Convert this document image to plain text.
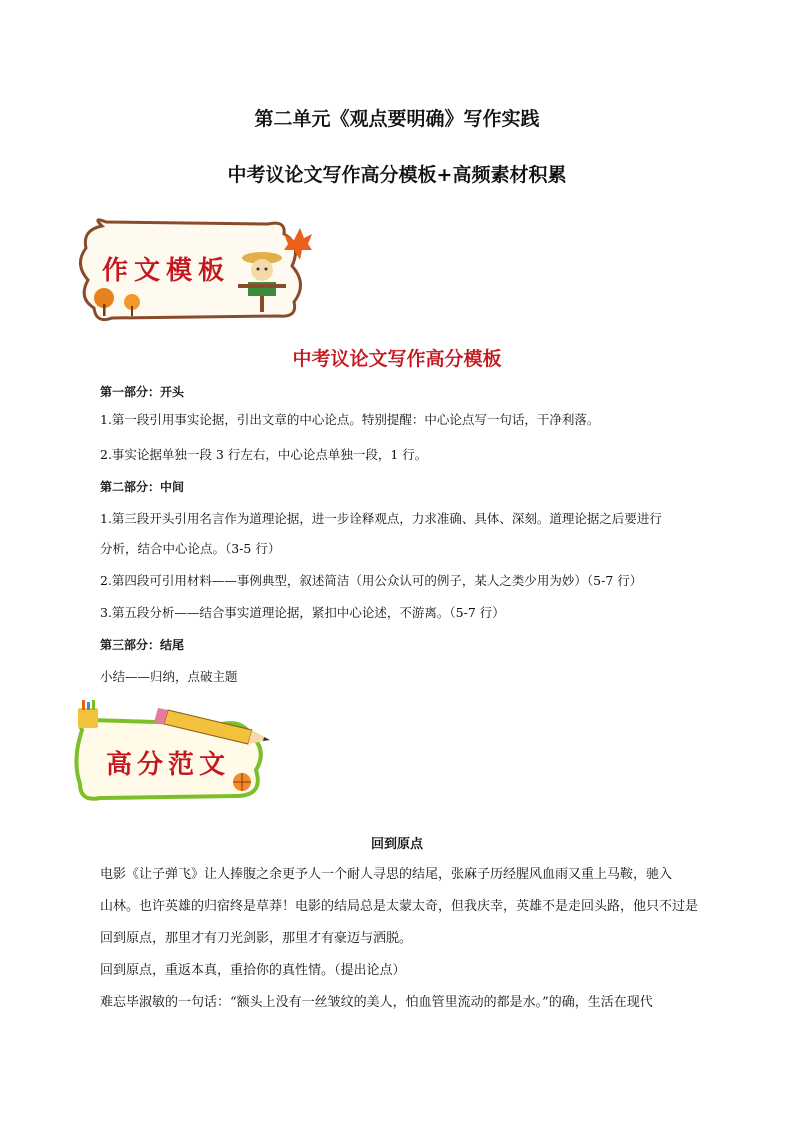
第二单元《观点要明确》写作实践
中考议论文写作高分模板+高频素材积累
作文模板
中考议论文写作高分模板
第一部分：开头
1.第一段引用事实论据，引出文章的中心论点。特别提醒：中心论点写一句话，干净利落。
2.事实论据单独一段 3 行左右，中心论点单独一段，1 行。
第二部分：中间
1.第三段开头引用名言作为道理论据，进一步诠释观点，力求准确、具体、深刻。道理论据之后要进行
分析，结合中心论点。（3-5 行）
2.第四段可引用材料——事例典型，叙述简洁（用公众认可的例子，某人之类少用为妙）（5-7 行）
3.第五段分析——结合事实道理论据，紧扣中心论述，不游离。（5-7 行）
第三部分：结尾
小结——归纳，点破主题
高分范文
回到原点
电影《让子弹飞》让人捧腹之余更予人一个耐人寻思的结尾，张麻子历经腥风血雨又重上马鞍，驰入
山林。也许英雄的归宿终是草莽！电影的结局总是太蒙太奇，但我庆幸，英雄不是走回头路，他只不过是
回到原点，那里才有刀光剑影，那里才有豪迈与洒脱。
回到原点，重返本真，重拾你的真性情。（提出论点）
难忘毕淑敏的一句话：“额头上没有一丝皱纹的美人，怕血管里流动的都是水。”的确，生活在现代
